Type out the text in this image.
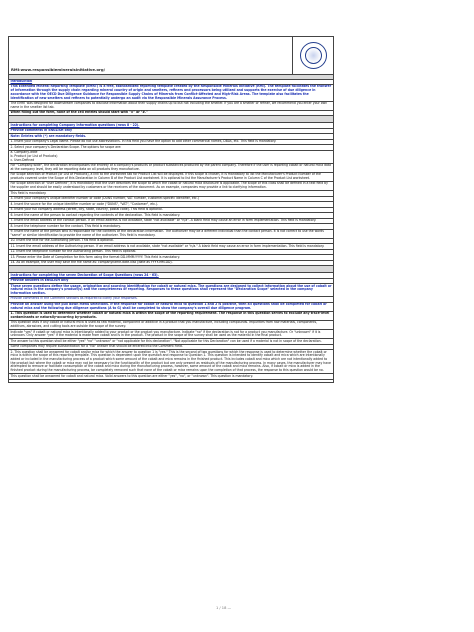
RMI:www.responsiblemineralsinitiative.org/
Introduction
This Extended Mineral Reporting Template (EMRT) is a free, standardized reporting template created by the Responsible Minerals Initiative (RMI). The template facilitates the transfer of information through the supply chain regarding mineral country of origin and smelters, refiners and processors being utilized and supports the exercise of due diligence in accordance with the OECD Due Diligence Guidance for Responsible Supply Chains of Minerals from Conflict-Affected and High-Risk Areas. The template also facilitates the identification of new smelters and refiners to potentially undergo an audit via the Responsible Minerals Assurance Process.
The EMRT was designed for downstream companies to disclose information about their supply chains up to but not including the smelter. If you are a smelter or refiner, we recommend you enter your own name in the smelter list tab.
When filling out the form, none of the cell entries should start with "=" or "#."
Instructions for completing Company Information questions (rows 8 - 22).
Provide comments in ENGLISH only
Note: Entries with (*) are mandatory fields.
1. Insert your company's Legal Name. Please do not use abbreviations. In this field you have the option to add other commercial names, DBAs, etc. This field is mandatory.
2. Select your company's Declaration Scope. The options for scope are:
a. Company-wide
b. Product (or List of Products)
c. User-Defined
For "Company-wide", the declaration encompasses the entirety of a company's products or product substances produced by the parent company. Therefore if the user is reporting cobalt or natural mica data at the company level, they will be reporting data on all products they manufacture.
For Scope selection of Product (or List of Products), a link to the worksheet tab for Product List will be displayed. If this scope is chosen, it is mandatory to list the Manufacturer's Product Number of the products covered under the Scope of this Declaration in Column B of the Product List worksheet. It is optional to list the Manufacturer's Product Name in Column C of the Product List worksheet.
For Scope selection of "User Defined", it is mandatory that the user describes the scope to which the cobalt or natural mica disclosure is applicable. The scope of this class shall be defined in a text field by the supplier and should be easily understood by customers or the receivers of the document. As an example, companies may provide a link to clarifying information.
This field is mandatory.
3. Insert your company's unique identifier number or code (DUNS number, VAT number, customer-specific identifier, etc.)
4. Insert the source for the unique identifier number or code ("DUNS", "VAT", "Customer", etc.).
5. Insert your full company address (street, city, state, country, postal code). This field is optional.
6. Insert the name of the person to contact regarding the contents of the declaration. This field is mandatory.
7. Insert the email address of the contact person. If an email address is not available, state "not available" or "n/a". A blank field may cause an error in form implementation. This field is mandatory.
8. Insert the telephone number for the contact. This field is mandatory.
9. Insert the name of the person who is responsible for the contents of the declaration information. The authorizer may be a different individual than the contact person. It is not correct to use the words "same" or similar identification to provide the name of the authorizer. This field is mandatory.
10. Insert the title for the Authorizing person. This field is optional.
11. Insert the email address of the Authorizing person. If an email address is not available, state "not available" or "n/a." A blank field may cause an error in form implementation. This field is mandatory.
12. Insert the telephone number for the Authorizing person. This field is optional.
13. Please enter the Date of Completion for this form using the format DD-MMM-YYYY. This field is mandatory.
14. As an example, the user may save the file name as: companyname-date.xlsx (date as YYYY-MM-DD).
Instructions for completing the seven Declaration of Scope Questions (rows 24 - 63).
Provide answers in ENGLISH only
These seven questions define the usage, origination and sourcing identification for cobalt or natural mica. The questions are designed to collect information about the use of cobalt or natural mica in the company's product(s) and the completeness of reporting. Responses to these questions shall represent the "Declaration Scope" selected in the company information section.
Provide comments in the Comment sections as required to clarify your responses.
Provide an answer using the pull down menu selections. If the response for cobalt or natural mica to question 1 and 2 is positive, then all questions shall be completed for cobalt or natural mica and the following due diligence questions (A to G) shall be completed to show the company's overall due diligence program.
1. This question is used to determine whether cobalt or natural mica is within the scope of the reporting requirement. The response in this question serves to exclude any trace-level contaminants or naturally-occurring by-products.
This question asks if any cobalt or natural mica is used as raw material, component or additive in a product that you manufacture, including compounds. Impurities from raw materials, components, additives, abrasives, and cutting tools are outside the scope of the survey.
Indicate "yes" if cobalt or natural mica is intentionally added to your product or the product you manufacture. Indicate "no" if the declaration is not for a product you manufacture. Or "unknown" if it is unknown. Only answer "yes" if the material is made from cobalt and is in the product. The product in the scope of the survey shall be used as the material in the final product.
The answer to this question shall be either "yes" "no" "unknown" or "not applicable for this declaration". "Not applicable for this Declaration" can be used if a material is not in scope of the declaration.
Some companies may require substantiation for a "No" answer that should be entered into the Comment Field.
2. This question shall be answered for cobalt and/or mica for which the answer to question 1 is "yes." This is the second of two questions for which the response is used to determine whether the cobalt or mica is within the scope of this reporting template. This question is dependent upon the question and response to Question 1. This question is intended to identify cobalt and mica which are intentionally added or included in the manufacturing process of a product which some amount of the cobalt and mica remains in the finished product. This includes cobalt and mica which are not intentionally added to the product but where the cobalt or mica may not be necessary to the functionality of the product but are only present as residuals of the manufacturing process. In many cases, the manufacturer may have attempted to remove or facilitate consumption of the cobalt and mica during the manufacturing process, however, some amount of the cobalt and mica remains. Also, if cobalt or mica is added in the finished product during the manufacturing process, be completely removed such that none of the cobalt or mica remains upon the completion of that process, the response to this question would be no.
This question shall be answered for cobalt and natural mica. Valid answers to this question are either "yes", "no", or "unknown". This question is mandatory.
1 / 18 —
